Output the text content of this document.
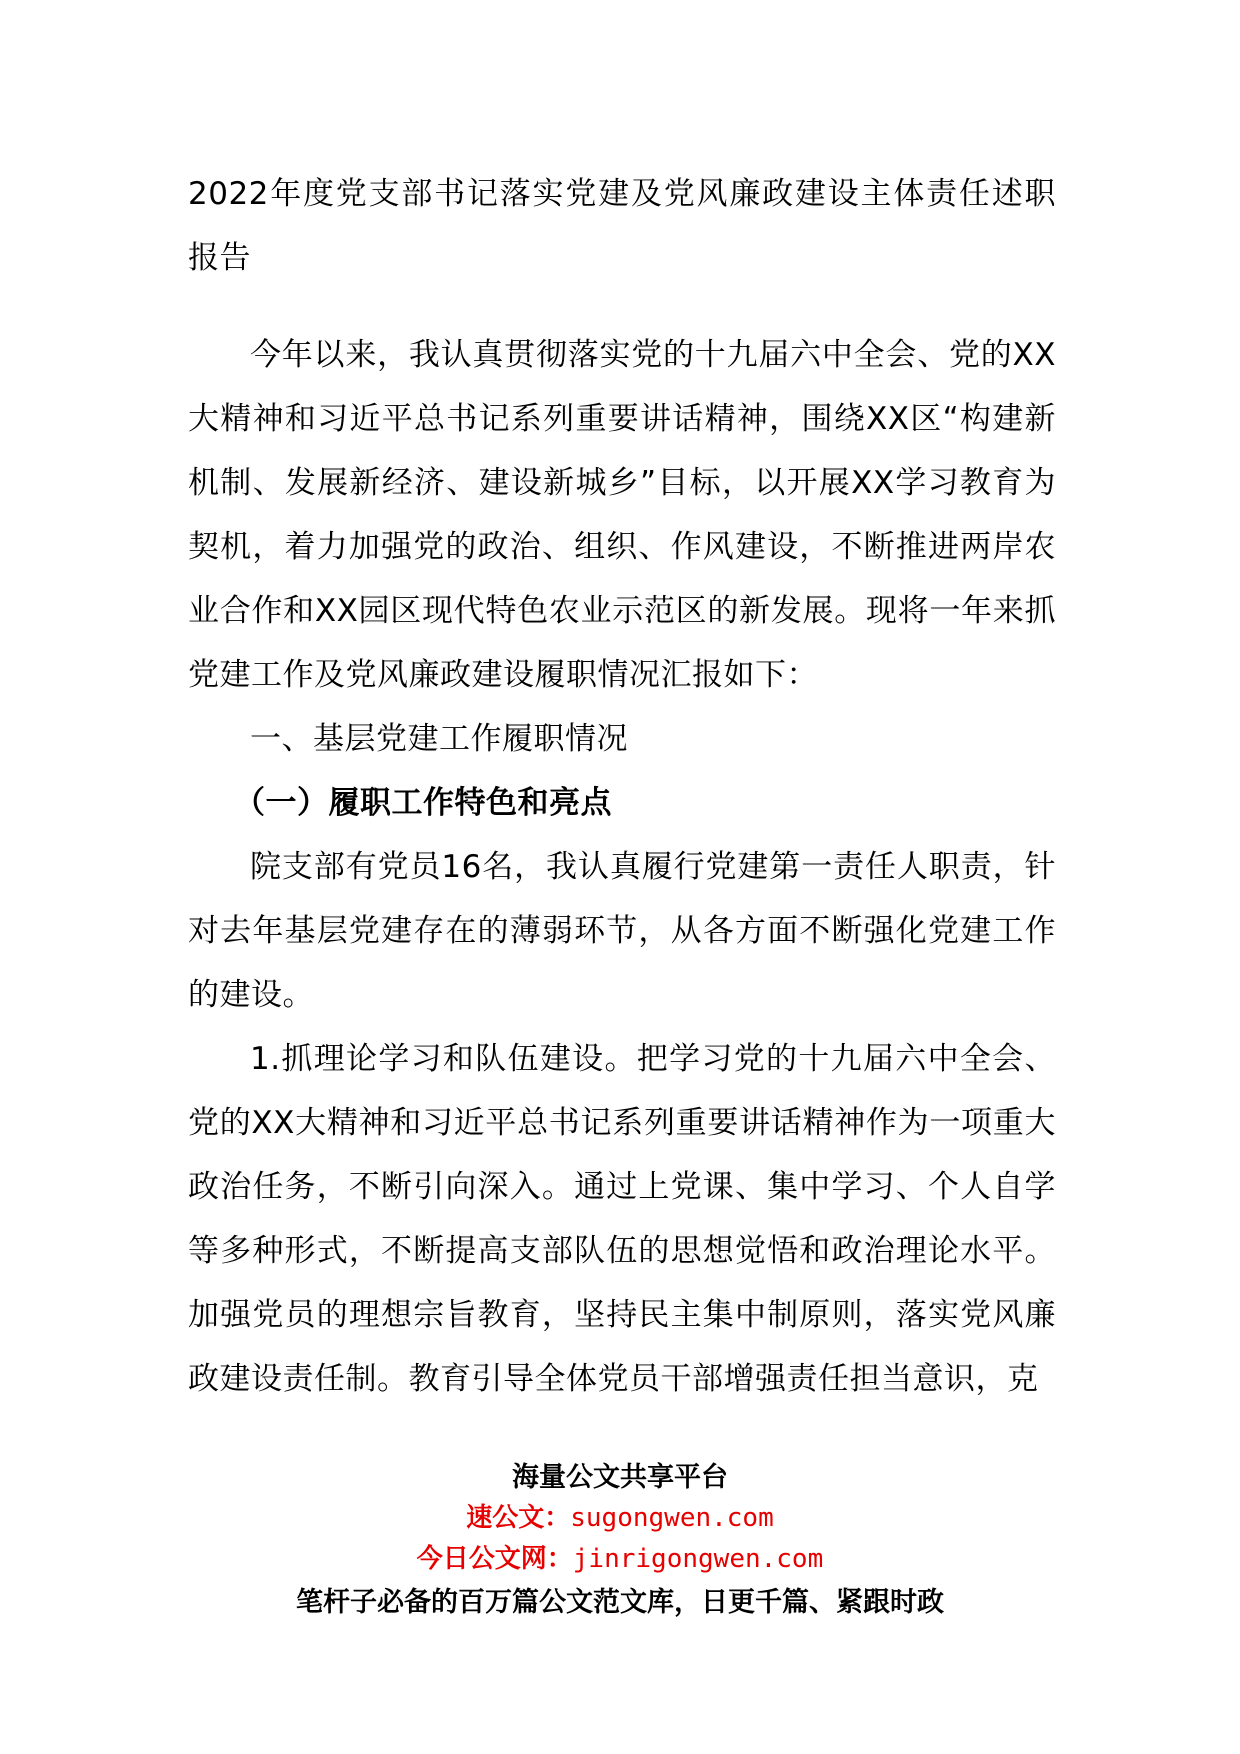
2022年度党支部书记落实党建及党风廉政建设主体责任述职报告

今年以来，我认真贯彻落实党的十九届六中全会、党的XX大精神和习近平总书记系列重要讲话精神，围绕XX区“构建新机制、发展新经济、建设新城乡”目标，以开展XX学习教育为契机，着力加强党的政治、组织、作风建设，不断推进两岸农业合作和XX园区现代特色农业示范区的新发展。现将一年来抓党建工作及党风廉政建设履职情况汇报如下：

一、基层党建工作履职情况

（一）履职工作特色和亮点

院支部有党员16名，我认真履行党建第一责任人职责，针对去年基层党建存在的薄弱环节，从各方面不断强化党建工作的建设。

1.抓理论学习和队伍建设。把学习党的十九届六中全会、党的XX大精神和习近平总书记系列重要讲话精神作为一项重大政治任务，不断引向深入。通过上党课、集中学习、个人自学等多种形式，不断提高支部队伍的思想觉悟和政治理论水平。加强党员的理想宗旨教育，坚持民主集中制原则，落实党风廉政建设责任制。教育引导全体党员干部增强责任担当意识，克

海量公文共享平台
速公文：sugongwen.com
今日公文网：jinrigongwen.com
笔杆子必备的百万篇公文范文库，日更千篇、紧跟时政
